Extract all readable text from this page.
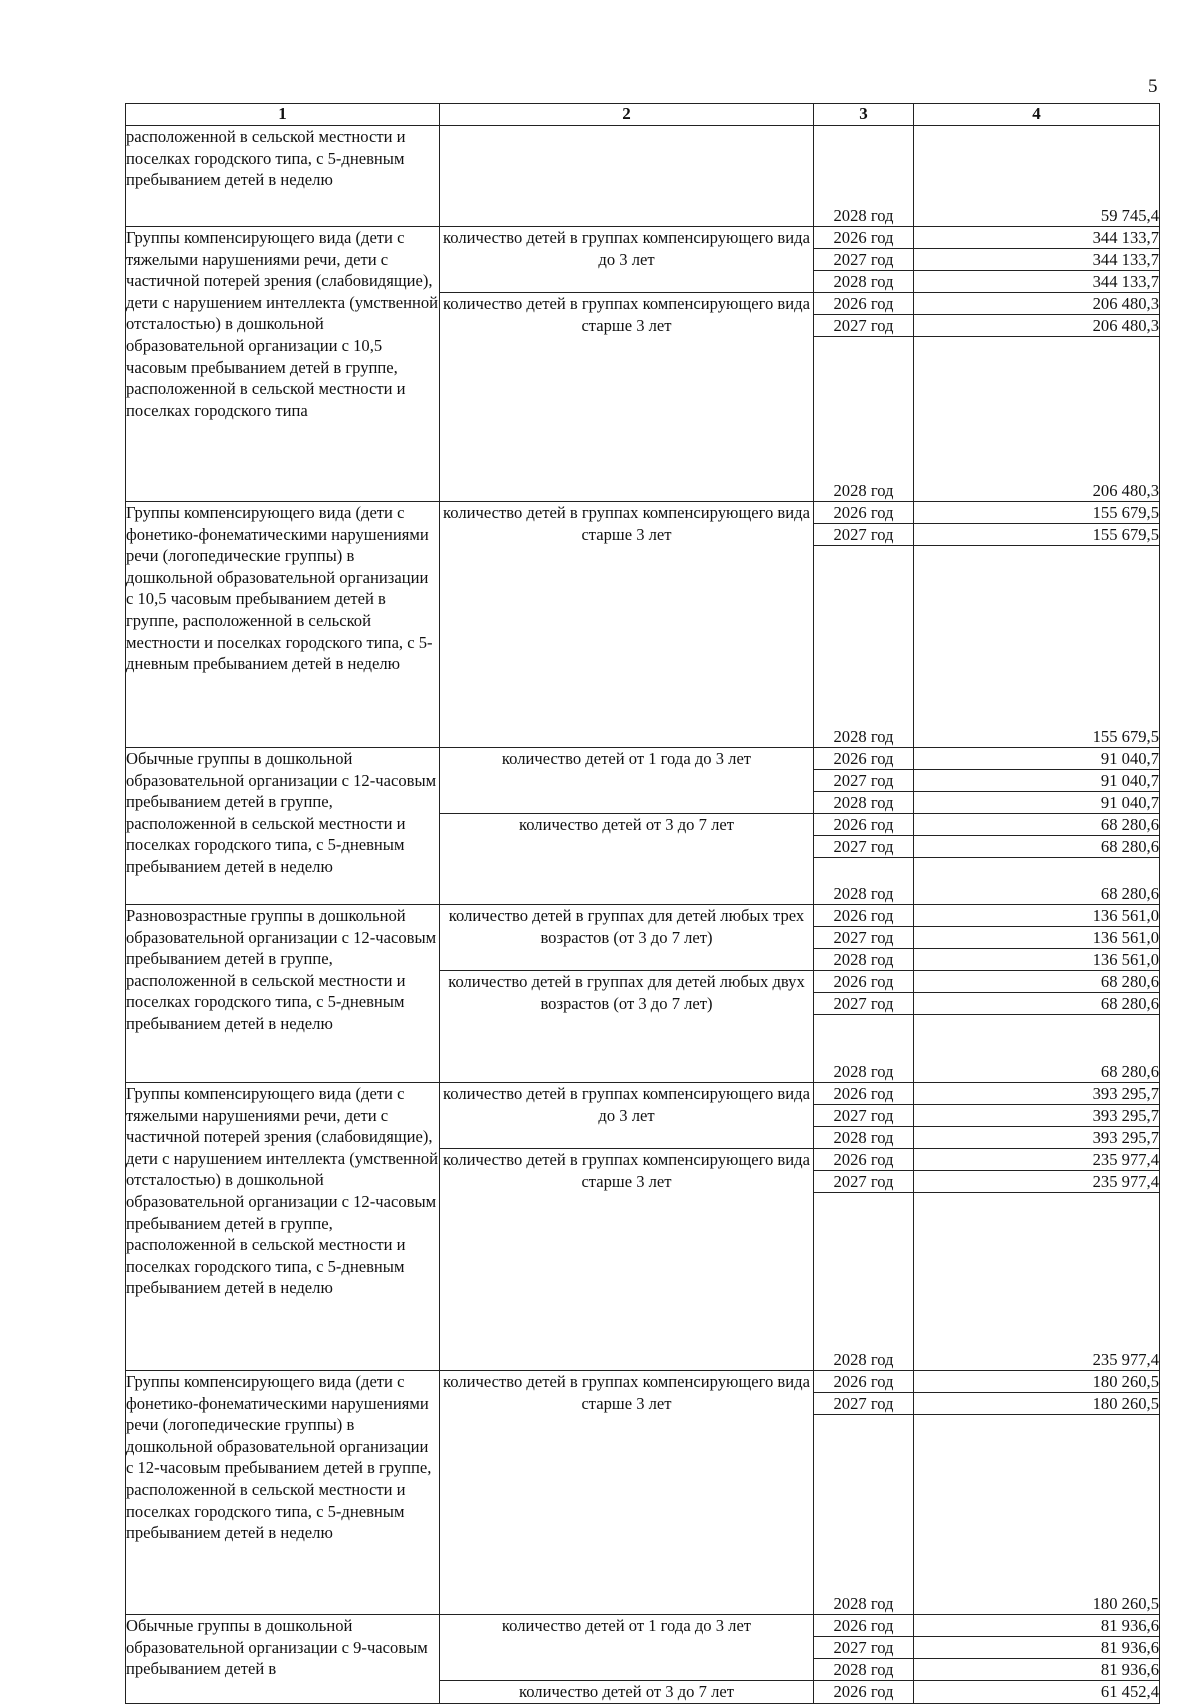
5
1	2	3	4
расположенной в сельской местности и поселках городского типа, с 5-дневным пребыванием детей в неделю		2028 год	59 745,4
Группы компенсирующего вида (дети с тяжелыми нарушениями речи, дети с частичной потерей зрения (слабовидящие), дети с нарушением интеллекта (умственной отсталостью) в дошкольной образовательной организации с 10,5 часовым пребыванием детей в группе, расположенной в сельской местности и поселках городского типа	количество детей в группах компенсирующего вида до 3 лет	2026 год	344 133,7
		2027 год	344 133,7
		2028 год	344 133,7
	количество детей в группах компенсирующего вида старше 3 лет	2026 год	206 480,3
		2027 год	206 480,3
		2028 год	206 480,3
Группы компенсирующего вида (дети с фонетико-фонематическими нарушениями речи (логопедические группы) в дошкольной образовательной организации с 10,5 часовым пребыванием детей в группе, расположенной в сельской местности и поселках городского типа, с 5-дневным пребыванием детей в неделю	количество детей в группах компенсирующего вида старше 3 лет	2026 год	155 679,5
		2027 год	155 679,5
		2028 год	155 679,5
Обычные группы в дошкольной образовательной организации с 12-часовым пребыванием детей в группе, расположенной в сельской местности и поселках городского типа, с 5-дневным пребыванием детей в неделю	количество детей от 1 года до 3 лет	2026 год	91 040,7
		2027 год	91 040,7
		2028 год	91 040,7
	количество детей от 3 до 7 лет	2026 год	68 280,6
		2027 год	68 280,6
		2028 год	68 280,6
Разновозрастные группы в дошкольной образовательной организации с 12-часовым пребыванием детей в группе, расположенной в сельской местности и поселках городского типа, с 5-дневным пребыванием детей в неделю	количество детей в группах для детей любых трех возрастов (от 3 до 7 лет)	2026 год	136 561,0
		2027 год	136 561,0
		2028 год	136 561,0
	количество детей в группах для детей любых двух возрастов (от 3 до 7 лет)	2026 год	68 280,6
		2027 год	68 280,6
		2028 год	68 280,6
Группы компенсирующего вида (дети с тяжелыми нарушениями речи, дети с частичной потерей зрения (слабовидящие), дети с нарушением интеллекта (умственной отсталостью) в дошкольной образовательной организации с 12-часовым пребыванием детей в группе, расположенной в сельской местности и поселках городского типа, с 5-дневным пребыванием детей в неделю	количество детей в группах компенсирующего вида до 3 лет	2026 год	393 295,7
		2027 год	393 295,7
		2028 год	393 295,7
	количество детей в группах компенсирующего вида старше 3 лет	2026 год	235 977,4
		2027 год	235 977,4
		2028 год	235 977,4
Группы компенсирующего вида (дети с фонетико-фонематическими нарушениями речи (логопедические группы) в дошкольной образовательной организации с 12-часовым пребыванием детей в группе, расположенной в сельской местности и поселках городского типа, с 5-дневным пребыванием детей в неделю	количество детей в группах компенсирующего вида старше 3 лет	2026 год	180 260,5
		2027 год	180 260,5
		2028 год	180 260,5
Обычные группы в дошкольной образовательной организации с 9-часовым пребыванием детей в	количество детей от 1 года до 3 лет	2026 год	81 936,6
		2027 год	81 936,6
		2028 год	81 936,6
	количество детей от 3 до 7 лет	2026 год	61 452,4
